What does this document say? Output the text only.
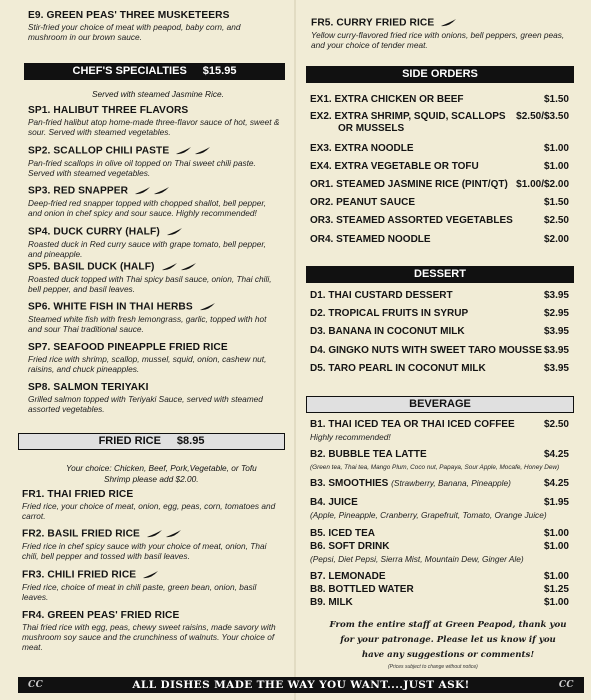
E9. GREEN PEAS' THREE MUSKETEERS
Stir-fried your choice of meat with peapod, baby corn, and mushroom in our brown sauce.
CHEF'S SPECIALTIES $15.95
Served with steamed Jasmine Rice.
SP1. HALIBUT THREE FLAVORS
Pan-fried halibut atop home-made three-flavor sauce of hot, sweet & sour. Served with steamed vegetables.
SP2. SCALLOP CHILI PASTE
Pan-fried scallops in olive oil topped on Thai sweet chili paste. Served with steamed vegetables.
SP3. RED SNAPPER
Deep-fried red snapper topped with chopped shallot, bell pepper, and onion in chef spicy and sour sauce. Highly recommended!
SP4. DUCK CURRY (HALF)
Roasted duck in Red curry sauce with grape tomato, bell pepper, and pineapple.
SP5. BASIL DUCK (HALF)
Roasted duck topped with Thai spicy basil sauce, onion, Thai chili, bell pepper, and basil leaves.
SP6. WHITE FISH IN THAI HERBS
Steamed white fish with fresh lemongrass, garlic, topped with hot and sour Thai traditional sauce.
SP7. SEAFOOD PINEAPPLE FRIED RICE
Fried rice with shrimp, scallop, mussel, squid, onion, cashew nut, raisins, and chuck pineapples.
SP8. SALMON TERIYAKI
Grilled salmon topped with Teriyaki Sauce, served with steamed assorted vegetables.
FRIED RICE $8.95
Your choice: Chicken, Beef, Pork,Vegetable, or Tofu
Shrimp please add $2.00.
FR1. THAI FRIED RICE
Fried rice, your choice of meat, onion, egg, peas, corn, tomatoes and carrot.
FR2. BASIL FRIED RICE
Fried rice in chef spicy sauce with your choice of meat, onion, Thai chili, bell pepper and tossed with basil leaves.
FR3. CHILI FRIED RICE
Fried rice, choice of meat in chili paste, green bean, onion, basil leaves.
FR4. GREEN PEAS' FRIED RICE
Thai fried rice with egg, peas, chewy sweet raisins, made savory with mushroom soy sauce and the crunchiness of walnuts. Your choice of meat.
FR5. CURRY FRIED RICE
Yellow curry-flavored fried rice with onions, bell peppers, green peas, and your choice of tender meat.
SIDE ORDERS
EX1. EXTRA CHICKEN OR BEEF	$1.50
EX2. EXTRA SHRIMP, SQUID, SCALLOPS $2.50/$3.50
OR MUSSELS
EX3. EXTRA NOODLE	$1.00
EX4. EXTRA VEGETABLE OR TOFU	$1.00
OR1. STEAMED JASMINE RICE (PINT/QT) $1.00/$2.00
OR2. PEANUT SAUCE	$1.50
OR3. STEAMED ASSORTED VEGETABLES	$2.50
OR4. STEAMED NOODLE	$2.00
DESSERT
D1. THAI CUSTARD DESSERT	$3.95
D2. TROPICAL FRUITS IN SYRUP	$2.95
D3. BANANA IN COCONUT MILK	$3.95
D4. GINGKO NUTS WITH SWEET TARO MOUSSE $3.95
D5. TARO PEARL IN COCONUT MILK	$3.95
BEVERAGE
B1. THAI ICED TEA OR THAI ICED COFFEE	$2.50
Highly recommended!
B2. BUBBLE TEA LATTE	$4.25
(Green tea, Thai tea, Mango Plum, Coco nut, Papaya, Sour Apple, Mocafe, Honey Dew)
B3. SMOOTHIES (Strawberry, Banana, Pineapple)	$4.25
B4. JUICE	$1.95
(Apple, Pineapple, Cranberry, Grapefruit, Tomato, Orange Juice)
B5. ICED TEA	$1.00
B6. SOFT DRINK	$1.00
(Pepsi, Diet Pepsi, Sierra Mist, Mountain Dew, Ginger Ale)
B7. LEMONADE	$1.00
B8. BOTTLED WATER	$1.25
B9. MILK	$1.00
From the entire staff at Green Peapod, thank you for your patronage. Please let us know if you have any suggestions or comments!
(Prices subject to change without notice)
CC	ALL DISHES MADE THE WAY YOU WANT....JUST ASK!	CC
